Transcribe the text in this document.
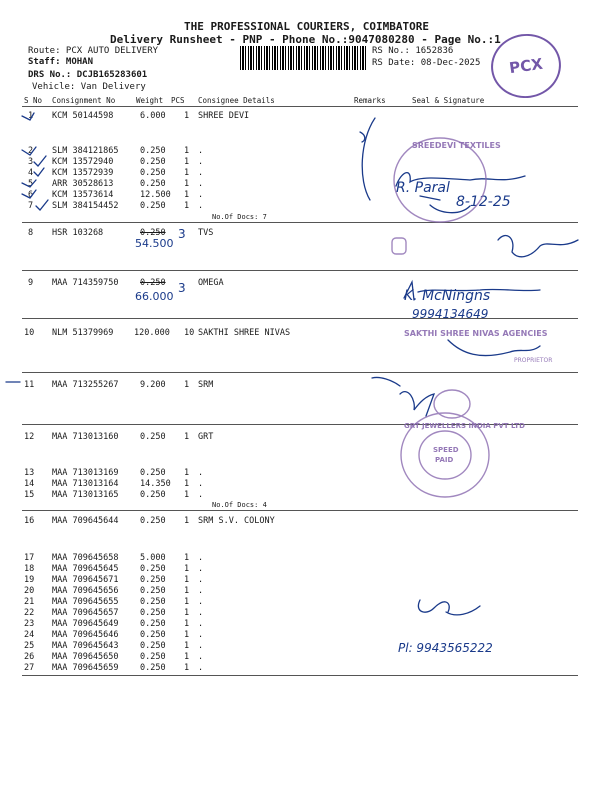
THE PROFESSIONAL COURIERS, COIMBATORE
Delivery Runsheet - PNP - Phone No.:9047080280 - Page No.:1
Route: PCX AUTO DELIVERY
Staff: MOHAN
DRS No.: DCJB165283601
Vehicle: Van Delivery
RS No.: 1652836
RS Date: 08-Dec-2025 PCX
S No Consignment No	Weight PCS Consignee Details	Remarks	Seal & Signature
1 KCM 50144598	6.000 1 SHREE DEVI
2 SLM 384121865	0.250 1 .
3 KCM 13572940	0.250 1 .
4 KCM 13572939	0.250 1 .
5 ARR 30528613	0.250 1 .
6 KCM 13573614	12.500 1 .
7 SLM 384154452	0.250 1 .
No.Of Docs: 7
8 HSR 103268	0.250	TVS
9 MAA 714359750	0.250	OMEGA
10 NLM 51379969 120.000 10 SAKTHI SHREE NIVAS
11 MAA 713255267	9.200 1 SRM
12 MAA 713013160	0.250 1 GRT
13 MAA 713013169	0.250 1 .
14 MAA 713013164	14.350 1 .
15 MAA 713013165	0.250 1 .
No.Of Docs: 4
16 MAA 709645644	0.250 1 SRM S.V. COLONY
17 MAA 709645658	5.000 1 .
18 MAA 709645645	0.250 1 .
19 MAA 709645671	0.250 1 .
20 MAA 709645656	0.250 1 .
21 MAA 709645655	0.250 1 .
22 MAA 709645657	0.250 1 .
23 MAA 709645649	0.250 1 .
24 MAA 709645646	0.250 1 .
25 MAA 709645643	0.250 1 .
26 MAA 709645650	0.250 1 .
27 MAA 709645659	0.250 1 .
54.500
3
66.000
3
R. Paral
8-12-25
K. McNingns
9994134649
Pl: 9943565222
SREEDEVI TEXTILES
SAKTHI SHREE NIVAS AGENCIES
PROPRIETOR
GRT JEWELLERS INDIA PVT LTD
SPEED
PAID
